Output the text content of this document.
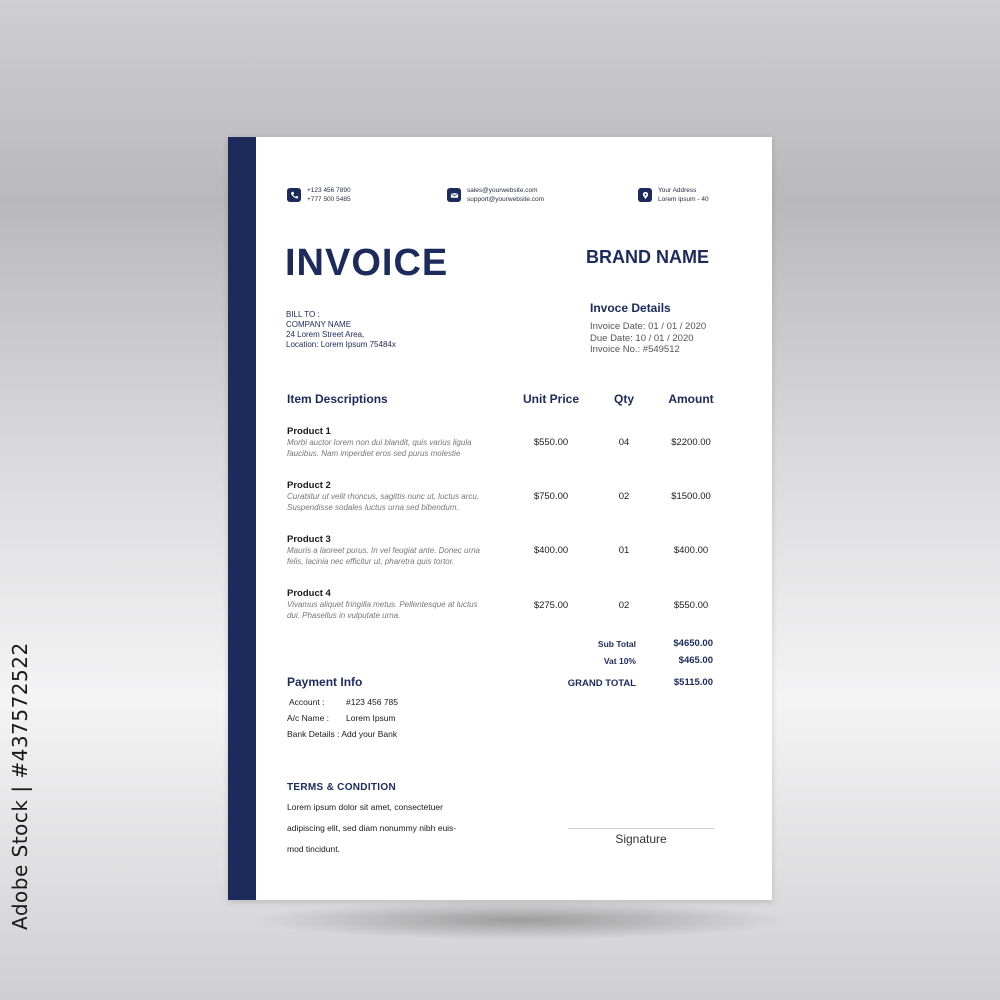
Adobe Stock | #437572522
+123 456 7890
+777 500 5485
sales@yourwebsite.com
support@yourwebsite.com
Your Address
Lorem ipsum - 40
INVOICE	BRAND NAME
BILL TO :
COMPANY NAME
24 Lorem Street Area,
Location: Lorem Ipsum 75484x
Invoce Details
Invoice Date: 01 / 01 / 2020
Due Date: 10 / 01 / 2020
Invoice No.: #549512
Item Descriptions	Unit Price	Qty	Amount
Product 1
Morbi auctor lorem non dui blandit, quis varius ligula
faucibus. Nam imperdiet eros sed purus molestie
$550.00	04	$2200.00
Product 2
Curabitur ut velit rhoncus, sagittis nunc ut, luctus arcu.
Suspendisse sodales luctus urna sed bibendum.
$750.00	02	$1500.00
Product 3
Mauris a laoreet purus. In vel feugiat ante. Donec urna
felis, lacinia nec efficitur ut, pharetra quis tortor.
$400.00	01	$400.00
Product 4
Vivamus aliquet fringilla metus. Pellentesque at luctus
dui. Phasellus in vulputate urna.
$275.00	02	$550.00
Sub Total	$4650.00
Vat 10%	$465.00
GRAND TOTAL	$5115.00
Payment Info
Account :	#123 456 785
A/c Name : Lorem Ipsum
Bank Details : Add your Bank
TERMS & CONDITION
Lorem ipsum dolor sit amet, consectetuer
adipiscing elit, sed diam nonummy nibh euis-
mod tincidunt.
Signature
